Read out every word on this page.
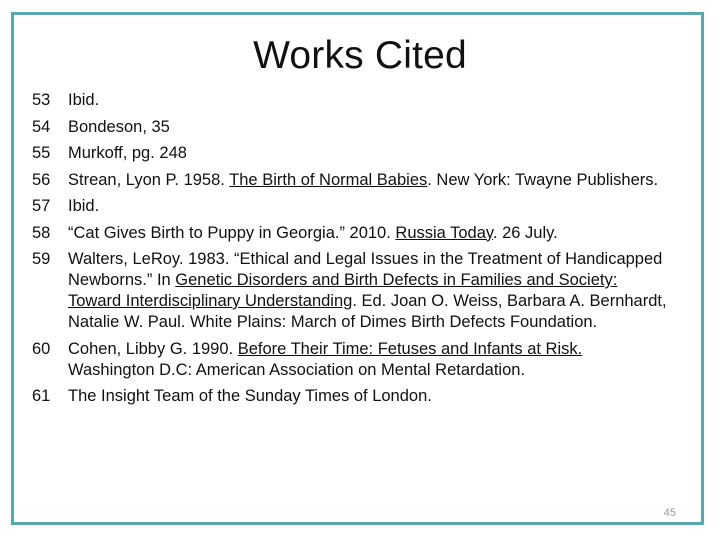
Works Cited
53 Ibid.
54 Bondeson, 35
55 Murkoff, pg. 248
56 Strean, Lyon P. 1958. The Birth of Normal Babies. New York: Twayne Publishers.
57 Ibid.
58 “Cat Gives Birth to Puppy in Georgia.” 2010. Russia Today. 26 July.
59 Walters, LeRoy. 1983. “Ethical and Legal Issues in the Treatment of Handicapped Newborns.” In Genetic Disorders and Birth Defects in Families and Society: Toward Interdisciplinary Understanding. Ed. Joan O. Weiss, Barbara A. Bernhardt, Natalie W. Paul. White Plains: March of Dimes Birth Defects Foundation.
60 Cohen, Libby G. 1990. Before Their Time: Fetuses and Infants at Risk. Washington D.C: American Association on Mental Retardation.
61 The Insight Team of the Sunday Times of London.
45
